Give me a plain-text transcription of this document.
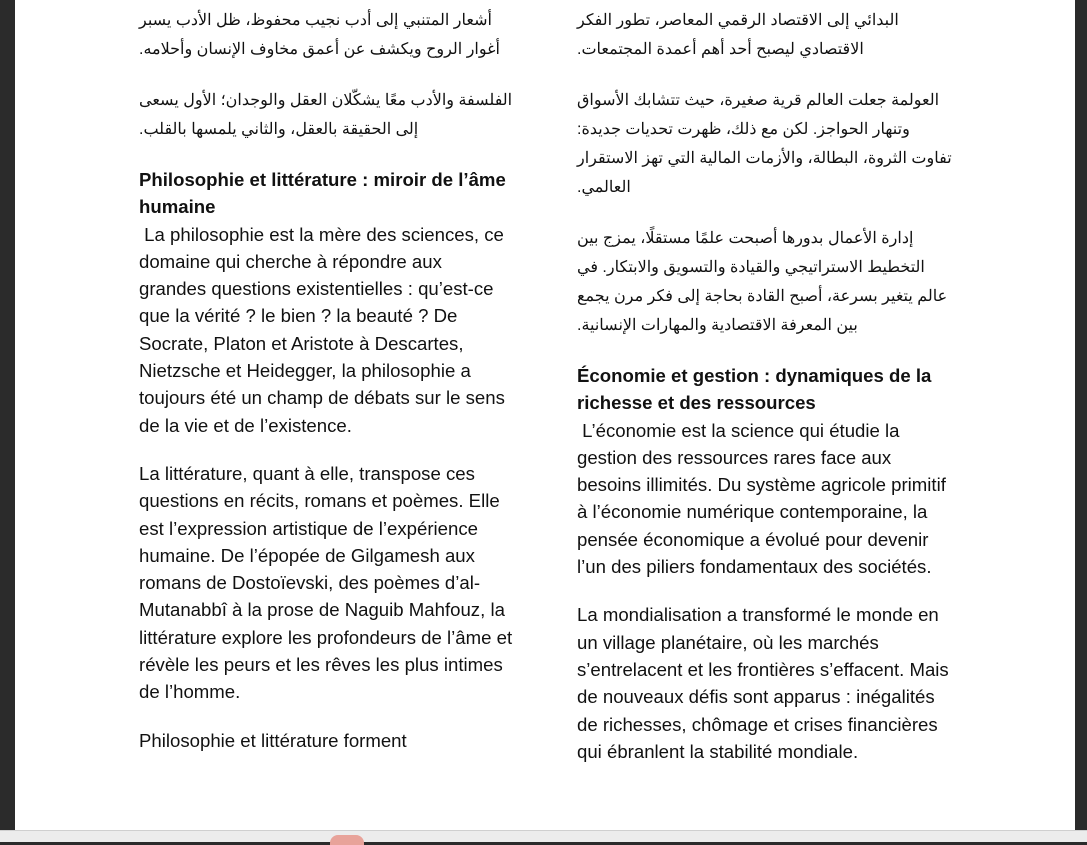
أشعار المتنبي إلى أدب نجيب محفوظ، ظل الأدب يسبر أغوار الروح ويكشف عن أعمق مخاوف الإنسان وأحلامه.

الفلسفة والأدب معًا يشكّلان العقل والوجدان؛ الأول يسعى إلى الحقيقة بالعقل، والثاني يلمسها بالقلب.

Philosophie et littérature : miroir de l’âme humaine

La philosophie est la mère des sciences, ce domaine qui cherche à répondre aux grandes questions existentielles : qu’est-ce que la vérité ? le bien ? la beauté ? De Socrate, Platon et Aristote à Descartes, Nietzsche et Heidegger, la philosophie a toujours été un champ de débats sur le sens de la vie et de l’existence.

La littérature, quant à elle, transpose ces questions en récits, romans et poèmes. Elle est l’expression artistique de l’expérience humaine. De l’épopée de Gilgamesh aux romans de Dostoïevski, des poèmes d’al-Mutanabbî à la prose de Naguib Mahfouz, la littérature explore les profondeurs de l’âme et révèle les peurs et les rêves les plus intimes de l’homme.

Philosophie et littérature forment

البدائي إلى الاقتصاد الرقمي المعاصر، تطور الفكر الاقتصادي ليصبح أحد أهم أعمدة المجتمعات.

العولمة جعلت العالم قرية صغيرة، حيث تتشابك الأسواق وتنهار الحواجز. لكن مع ذلك، ظهرت تحديات جديدة: تفاوت الثروة، البطالة، والأزمات المالية التي تهز الاستقرار العالمي.

إدارة الأعمال بدورها أصبحت علمًا مستقلًا، يمزج بين التخطيط الاستراتيجي والقيادة والتسويق والابتكار. في عالم يتغير بسرعة، أصبح القادة بحاجة إلى فكر مرن يجمع بين المعرفة الاقتصادية والمهارات الإنسانية.

Économie et gestion : dynamiques de la richesse et des ressources

L’économie est la science qui étudie la gestion des ressources rares face aux besoins illimités. Du système agricole primitif à l’économie numérique contemporaine, la pensée économique a évolué pour devenir l’un des piliers fondamentaux des sociétés.

La mondialisation a transformé le monde en un village planétaire, où les marchés s’entrelacent et les frontières s’effacent. Mais de nouveaux défis sont apparus : inégalités de richesses, chômage et crises financières qui ébranlent la stabilité mondiale.
